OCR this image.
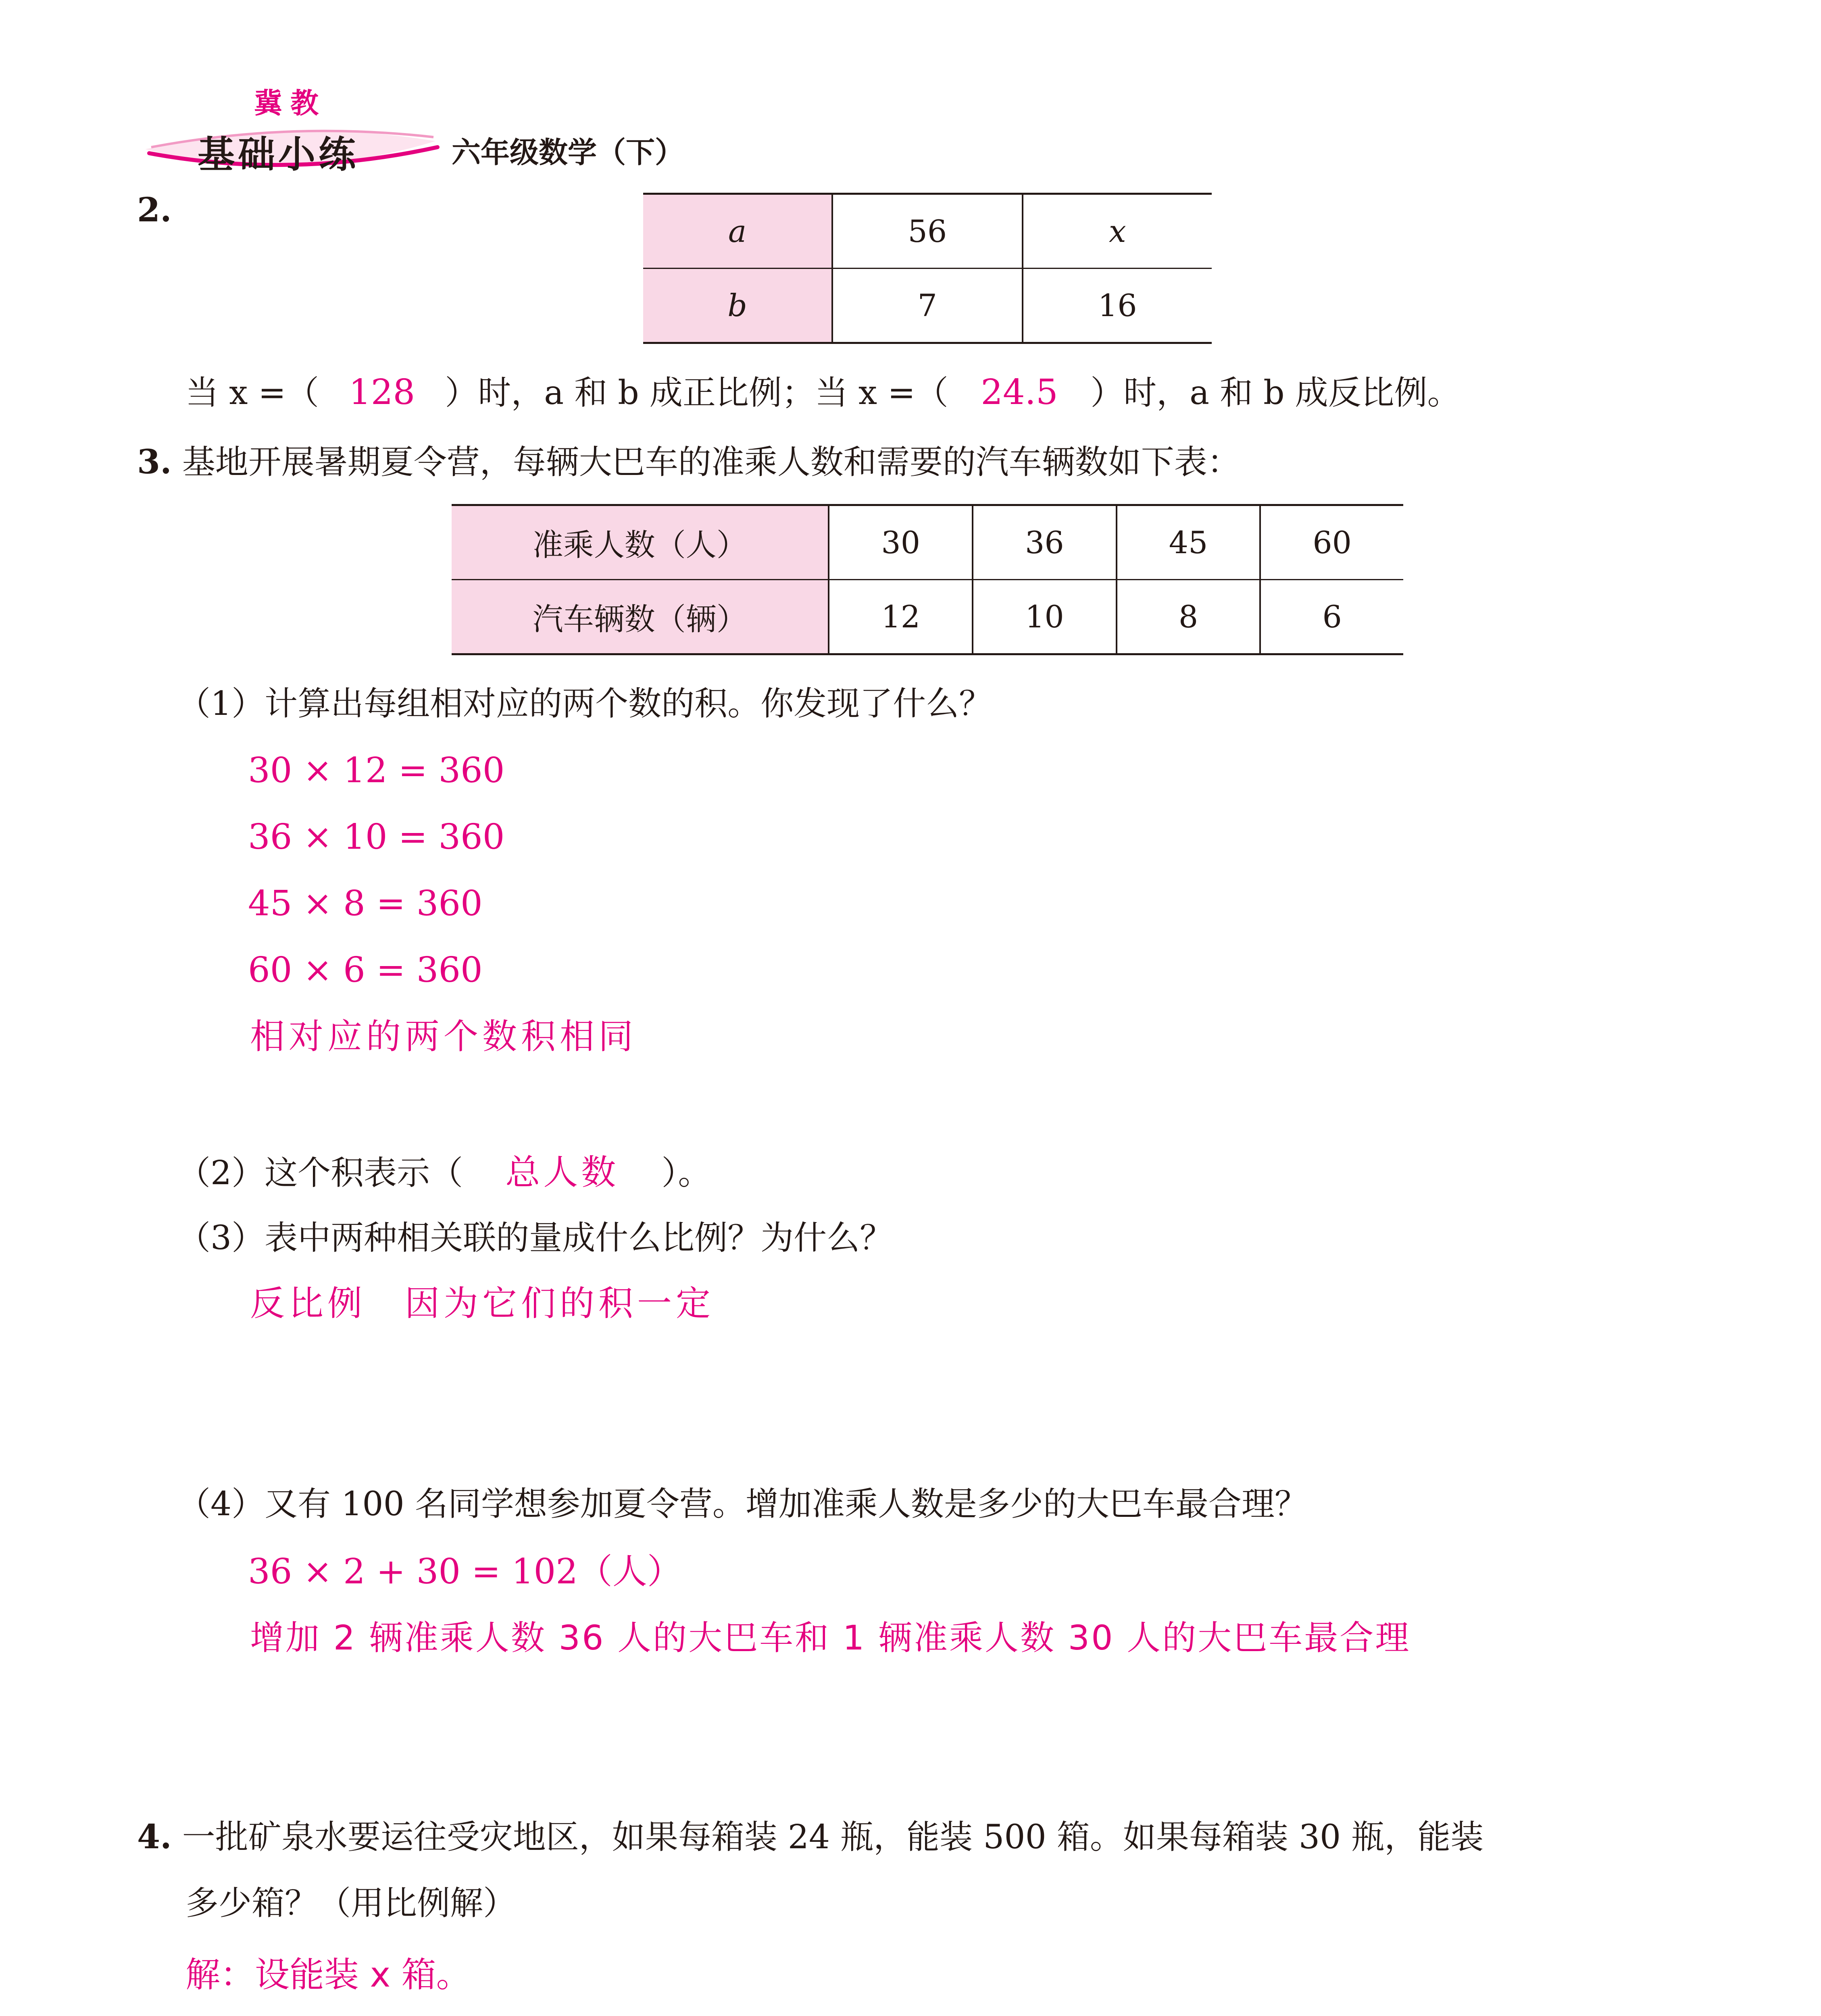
冀教
基础小练	六年级数学（下）
2.
a	56	x
b	7	16
当 x =（ 128 ）时，a 和 b 成正比例；当 x =（ 24.5 ）时，a 和 b 成反比例。
3. 基地开展暑期夏令营，每辆大巴车的准乘人数和需要的汽车辆数如下表：
准乘人数（人）	30	36	45	60
汽车辆数（辆）	12	10	8	6
（1）计算出每组相对应的两个数的积。你发现了什么？
30 × 12 = 360
36 × 10 = 360
45 × 8 = 360
60 × 6 = 360
相对应的两个数积相同
（2）这个积表示（ 总人数 ）。
（3）表中两种相关联的量成什么比例？为什么？
反比例　因为它们的积一定
（4）又有 100 名同学想参加夏令营。增加准乘人数是多少的大巴车最合理？
36 × 2 + 30 = 102（人）
增加 2 辆准乘人数 36 人的大巴车和 1 辆准乘人数 30 人的大巴车最合理
4. 一批矿泉水要运往受灾地区，如果每箱装 24 瓶，能装 500 箱。如果每箱装 30 瓶，能装
多少箱？（用比例解）
解：设能装 x 箱。
